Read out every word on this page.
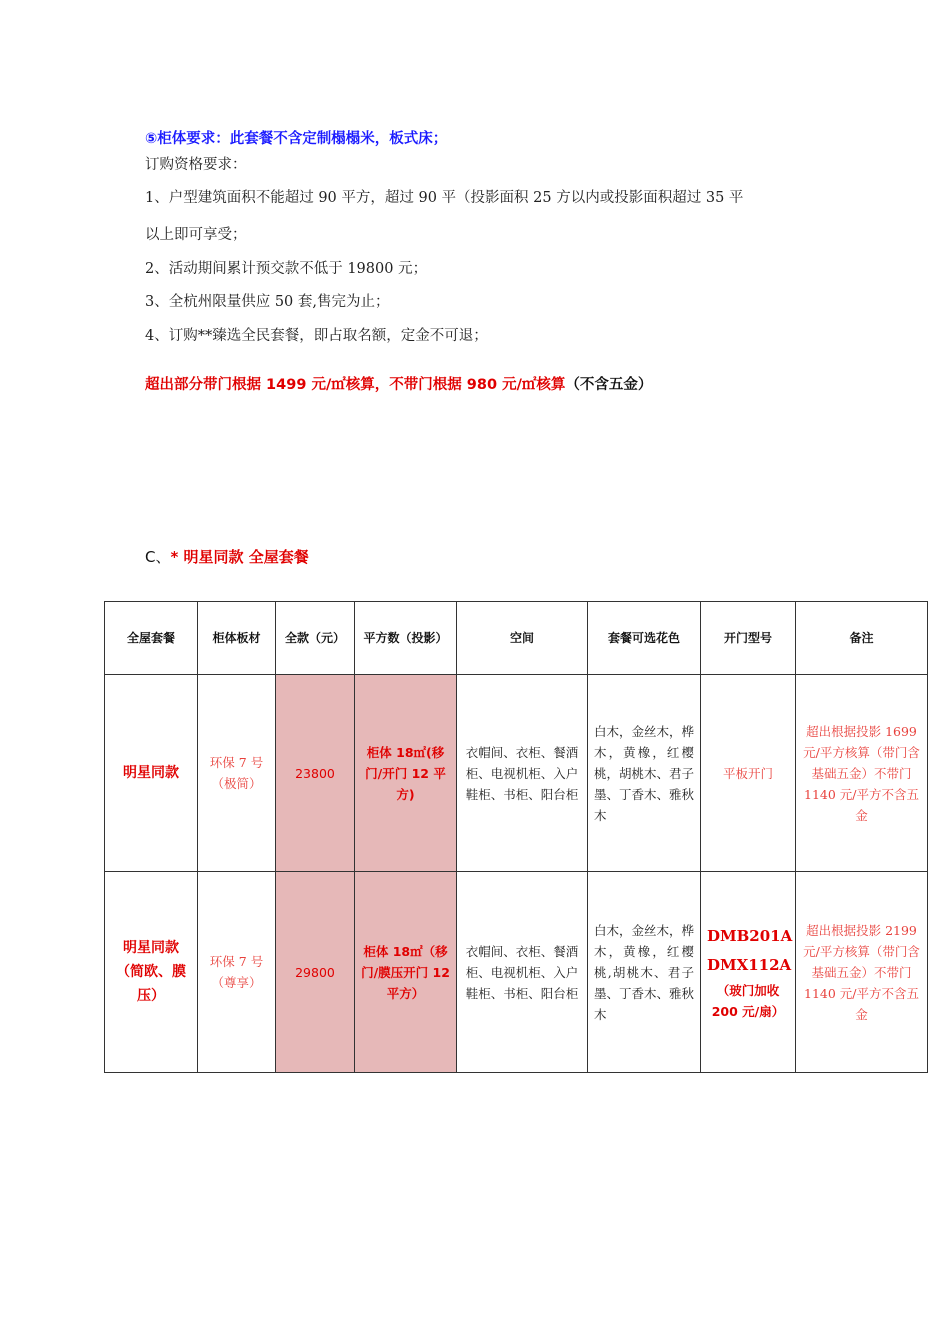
⑤柜体要求：此套餐不含定制榻榻米，板式床；
订购资格要求：
1、户型建筑面积不能超过 90 平方，超过 90 平（投影面积 25 方以内或投影面积超过 35 平
以上即可享受；
2、活动期间累计预交款不低于 19800 元；
3、全杭州限量供应 50 套,售完为止；
4、订购**臻选全民套餐，即占取名额，定金不可退；
超出部分带门根据 1499 元/㎡核算，不带门根据 980 元/㎡核算（不含五金）
C、* 明星同款 全屋套餐
全屋套餐	柜体板材	全款（元）	平方数（投影）	空间	套餐可选花色	开门型号	备注
明星同款	环保 7 号（极简）	23800	柜体 18㎡(移门/开门 12 平方)	衣帽间、衣柜、餐酒柜、电视机柜、入户鞋柜、书柜、阳台柜	白木，金丝木，桦木，黄橡，红樱桃，胡桃木、君子墨、丁香木、雅秋木	平板开门	超出根据投影 1699 元/平方核算（带门含基础五金）不带门 1140 元/平方不含五金
明星同款（简欧、膜压）	环保 7 号（尊享）	29800	柜体 18㎡（移门/膜压开门 12 平方）	衣帽间、衣柜、餐酒柜、电视机柜、入户鞋柜、书柜、阳台柜	白木，金丝木，桦木，黄橡，红樱桃,胡桃木、君子墨、丁香木、雅秋木	DMB201A
DMX112A
（玻门加收 200 元/扇）	超出根据投影 2199 元/平方核算（带门含基础五金）不带门 1140 元/平方不含五金
